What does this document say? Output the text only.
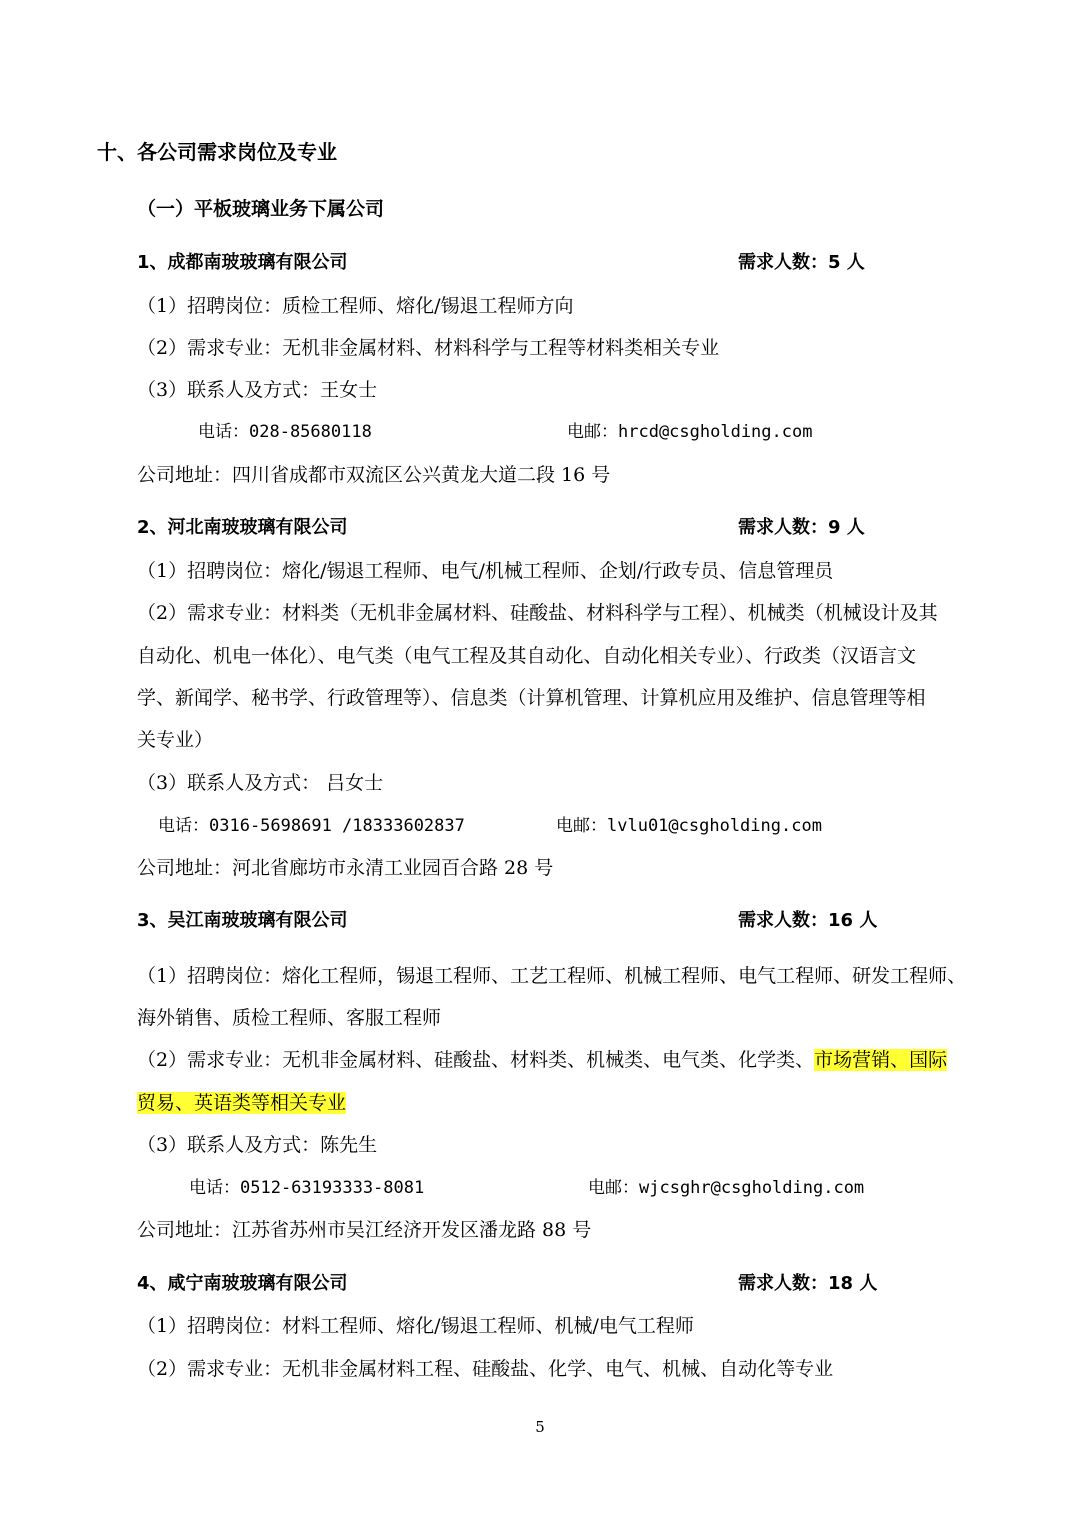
十、各公司需求岗位及专业
（一）平板玻璃业务下属公司
1、成都南玻玻璃有限公司	需求人数：5 人
（1）招聘岗位：质检工程师、熔化/锡退工程师方向
（2）需求专业：无机非金属材料、材料科学与工程等材料类相关专业
（3）联系人及方式：王女士
电话：028-85680118	电邮：hrcd@csgholding.com
公司地址：四川省成都市双流区公兴黄龙大道二段 16 号
2、河北南玻玻璃有限公司	需求人数：9 人
（1）招聘岗位：熔化/锡退工程师、电气/机械工程师、企划/行政专员、信息管理员
（2）需求专业：材料类（无机非金属材料、硅酸盐、材料科学与工程）、机械类（机械设计及其
自动化、机电一体化）、电气类（电气工程及其自动化、自动化相关专业）、行政类（汉语言文
学、新闻学、秘书学、行政管理等）、信息类（计算机管理、计算机应用及维护、信息管理等相
关专业）
（3）联系人及方式： 吕女士
电话：0316-5698691 /18333602837	电邮：lvlu01@csgholding.com
公司地址：河北省廊坊市永清工业园百合路 28 号
3、吴江南玻玻璃有限公司	需求人数：16 人
（1）招聘岗位：熔化工程师，锡退工程师、工艺工程师、机械工程师、电气工程师、研发工程师、
海外销售、质检工程师、客服工程师
（2）需求专业：无机非金属材料、硅酸盐、材料类、机械类、电气类、化学类、市场营销、国际
贸易、英语类等相关专业
（3）联系人及方式：陈先生
电话：0512-63193333-8081	电邮：wjcsghr@csgholding.com
公司地址：江苏省苏州市吴江经济开发区潘龙路 88 号
4、咸宁南玻玻璃有限公司	需求人数：18 人
（1）招聘岗位：材料工程师、熔化/锡退工程师、机械/电气工程师
（2）需求专业：无机非金属材料工程、硅酸盐、化学、电气、机械、自动化等专业
5
